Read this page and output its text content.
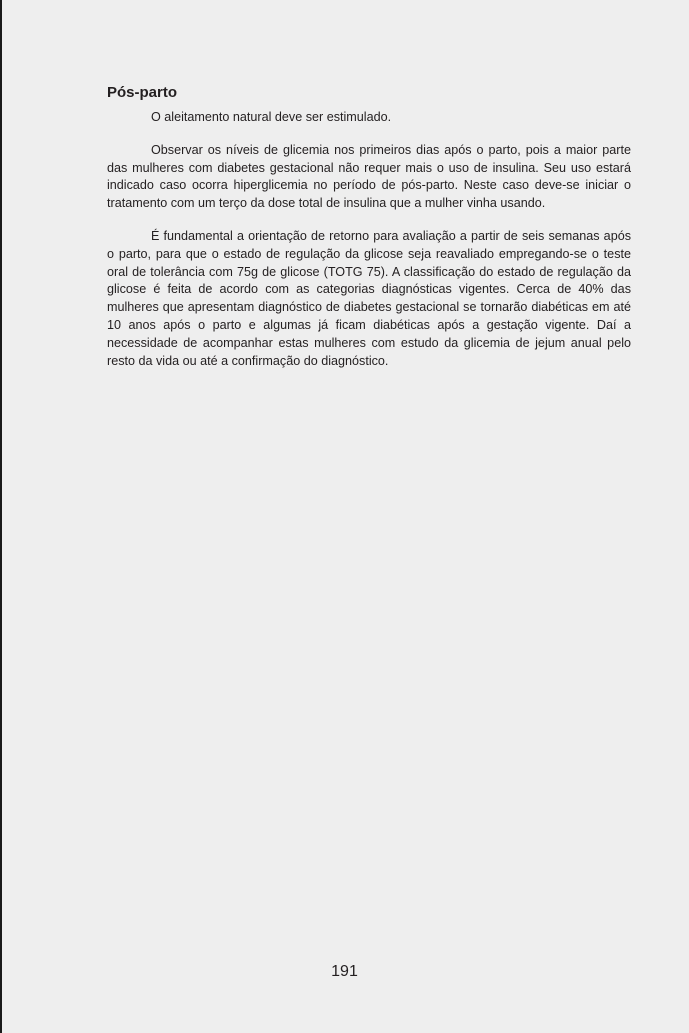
Pós-parto

O aleitamento natural deve ser estimulado.

Observar os níveis de glicemia nos primeiros dias após o parto, pois a maior parte das mulheres com diabetes gestacional não requer mais o uso de insulina. Seu uso estará indicado caso ocorra hiperglicemia no período de pós-parto. Neste caso deve-se iniciar o tratamento com um terço da dose total de insulina que a mulher vinha usando.

É fundamental a orientação de retorno para avaliação a partir de seis semanas após o parto, para que o estado de regulação da glicose seja reavaliado empregando-se o teste oral de tolerância com 75g de glicose (TOTG 75). A classificação do estado de regulação da glicose é feita de acordo com as categorias diagnósticas vigentes. Cerca de 40% das mulheres que apresentam diagnóstico de diabetes gestacional se tornarão diabéticas em até 10 anos após o parto e algumas já ficam diabéticas após a gestação vigente. Daí a necessidade de acompanhar estas mulheres com estudo da glicemia de jejum anual pelo resto da vida ou até a confirmação do diagnóstico.

191
